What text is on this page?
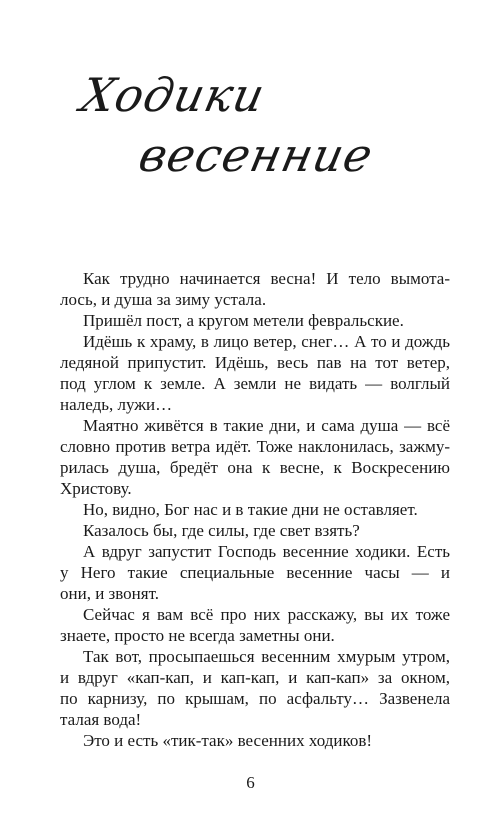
Ходики
весенние
Как трудно начинается весна! И тело вымота-
лось, и душа за зиму устала.
Пришёл пост, а кругом метели февральские.
Идёшь к храму, в лицо ветер, снег… А то и дождь
ледяной припустит. Идёшь, весь пав на тот ветер,
под углом к земле. А земли не видать — волглый
наледь, лужи…
Маятно живётся в такие дни, и сама душа — всё
словно против ветра идёт. Тоже наклонилась, зажму-
рилась душа, бредёт она к весне, к Воскресению
Христову.
Но, видно, Бог нас и в такие дни не оставляет.
Казалось бы, где силы, где свет взять?
А вдруг запустит Господь весенние ходики. Есть
у Него такие специальные весенние часы — и
они, и звонят.
Сейчас я вам всё про них расскажу, вы их тоже
знаете, просто не всегда заметны они.
Так вот, просыпаешься весенним хмурым утром,
и вдруг «кап-кап, и кап-кап, и кап-кап» за окном,
по карнизу, по крышам, по асфальту… Зазвенела
талая вода!
Это и есть «тик-так» весенних ходиков!
6
